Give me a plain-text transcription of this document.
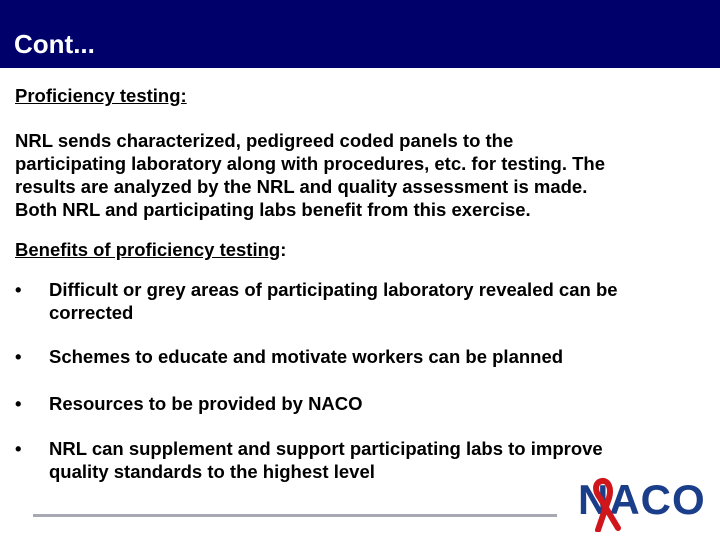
Cont...
Proficiency testing:
NRL sends characterized, pedigreed coded panels to the
participating laboratory along with procedures, etc. for testing. The
results are analyzed by the NRL and quality assessment is made.
Both NRL and participating labs benefit from this exercise.
Benefits of proficiency testing:
• Difficult or grey areas of participating laboratory revealed can be
corrected
• Schemes to educate and motivate workers can be planned
• Resources to be provided by NACO
• NRL can supplement and support participating labs to improve
quality standards to the highest level
NACO
